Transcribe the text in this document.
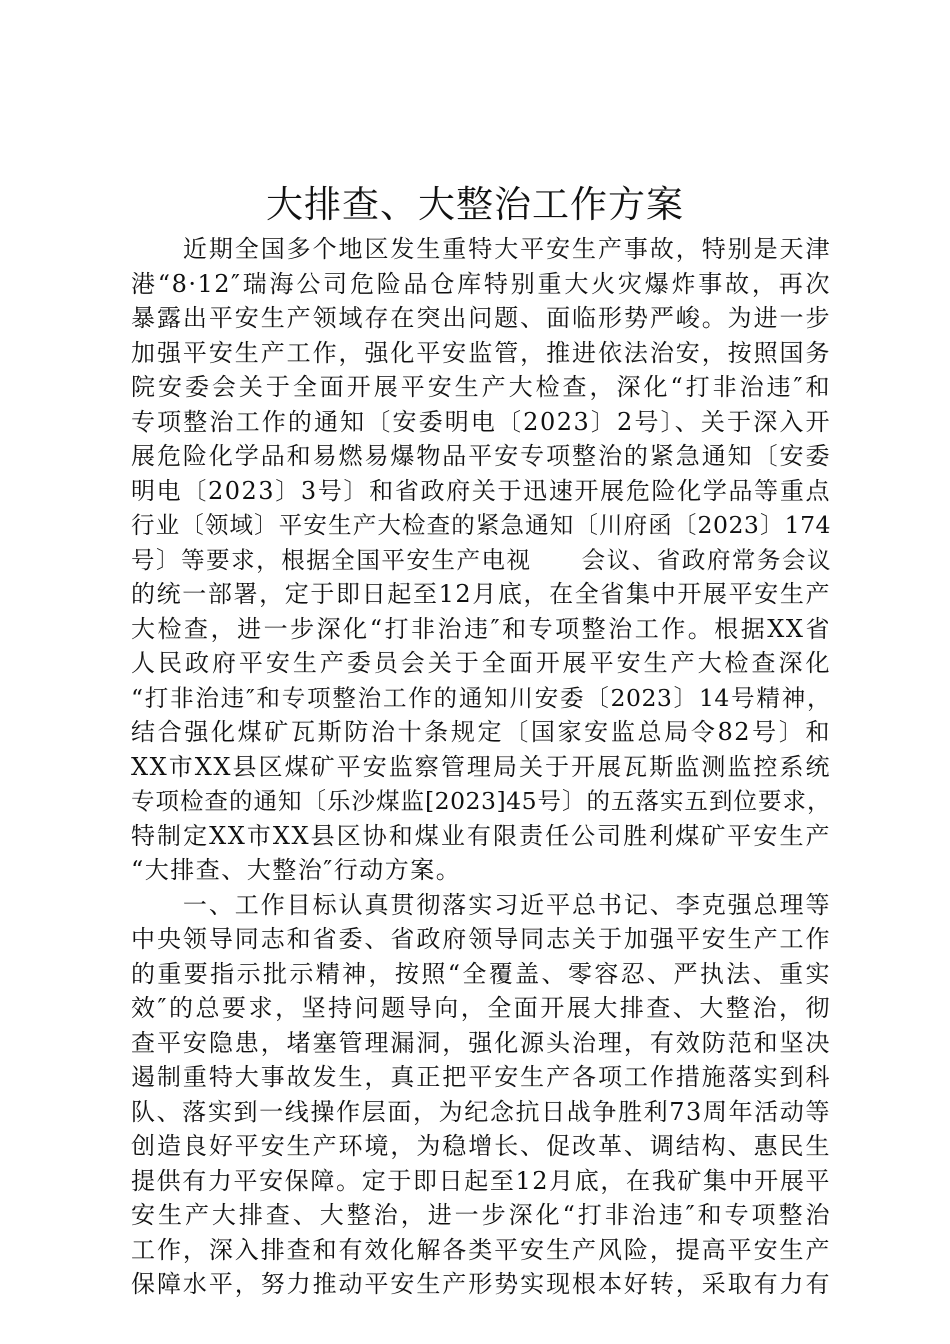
大排查、大整治工作方案
　　近期全国多个地区发生重特大平安生产事故，特别是天津
港“8·12″瑞海公司危险品仓库特别重大火灾爆炸事故，再次
暴露出平安生产领域存在突出问题、面临形势严峻。为进一步
加强平安生产工作，强化平安监管，推进依法治安，按照国务
院安委会关于全面开展平安生产大检查，深化“打非治违″和
专项整治工作的通知〔安委明电〔2023〕2号〕、关于深入开
展危险化学品和易燃易爆物品平安专项整治的紧急通知〔安委
明电〔2023〕3号〕和省政府关于迅速开展危险化学品等重点
行业〔领域〕平安生产大检查的紧急通知〔川府函〔2023〕174
号〕等要求，根据全国平安生产电视　　会议、省政府常务会议
的统一部署，定于即日起至12月底，在全省集中开展平安生产
大检查，进一步深化“打非治违″和专项整治工作。根据XX省
人民政府平安生产委员会关于全面开展平安生产大检查深化
“打非治违″和专项整治工作的通知川安委〔2023〕14号精神，
结合强化煤矿瓦斯防治十条规定〔国家安监总局令82号〕和
XX市XX县区煤矿平安监察管理局关于开展瓦斯监测监控系统
专项检查的通知〔乐沙煤监[2023]45号〕的五落实五到位要求，
特制定XX市XX县区协和煤业有限责任公司胜利煤矿平安生产
“大排查、大整治″行动方案。
　　一、工作目标认真贯彻落实习近平总书记、李克强总理等
中央领导同志和省委、省政府领导同志关于加强平安生产工作
的重要指示批示精神，按照“全覆盖、零容忍、严执法、重实
效″的总要求，坚持问题导向，全面开展大排查、大整治，彻
查平安隐患，堵塞管理漏洞，强化源头治理，有效防范和坚决
遏制重特大事故发生，真正把平安生产各项工作措施落实到科
队、落实到一线操作层面，为纪念抗日战争胜利73周年活动等
创造良好平安生产环境，为稳增长、促改革、调结构、惠民生
提供有力平安保障。定于即日起至12月底，在我矿集中开展平
安生产大排查、大整治，进一步深化“打非治违″和专项整治
工作，深入排查和有效化解各类平安生产风险，提高平安生产
保障水平，努力推动平安生产形势实现根本好转，采取有力有
